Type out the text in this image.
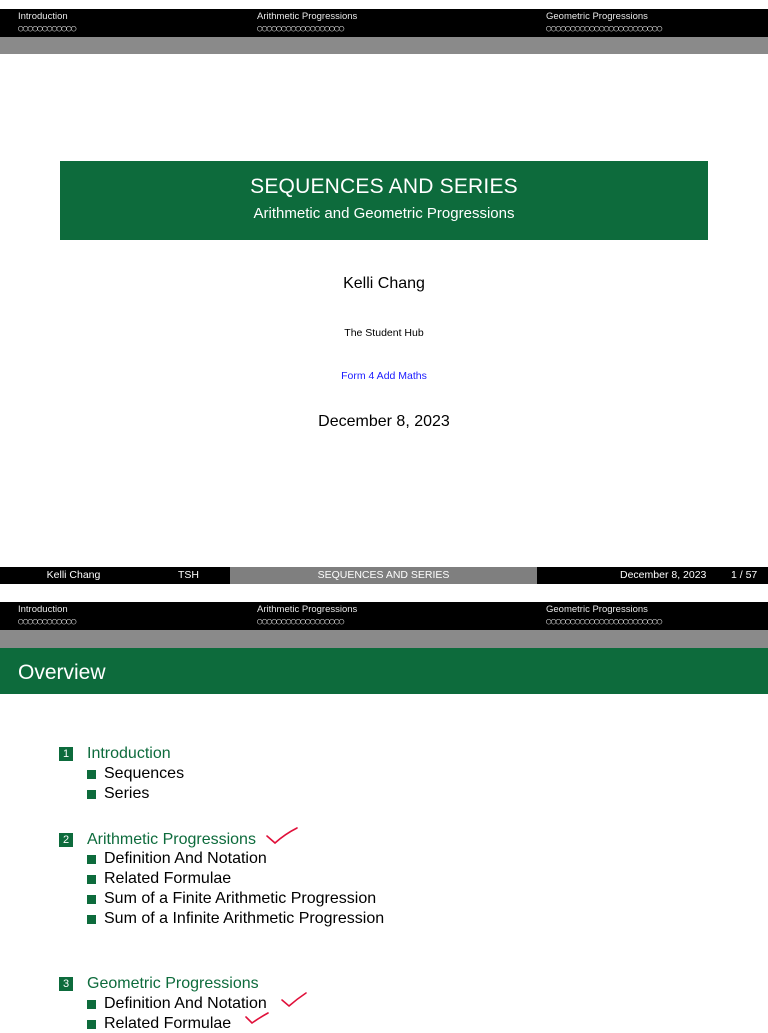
Introduction
○○○○○○○○○○○○
Arithmetic Progressions
○○○○○○○○○○○○○○○○○○
Geometric Progressions
○○○○○○○○○○○○○○○○○○○○○○○○
SEQUENCES AND SERIES
Arithmetic and Geometric Progressions
Kelli Chang
The Student Hub
Form 4 Add Maths
December 8, 2023
Kelli Chang	TSH	SEQUENCES AND SERIES	December 8, 2023 1 / 57
Introduction
○○○○○○○○○○○○
Arithmetic Progressions
○○○○○○○○○○○○○○○○○○
Geometric Progressions
○○○○○○○○○○○○○○○○○○○○○○○○
Overview
1 Introduction
Sequences
Series
2 Arithmetic Progressions
Definition And Notation
Related Formulae
Sum of a Finite Arithmetic Progression
Sum of a Infinite Arithmetic Progression
3 Geometric Progressions
Definition And Notation
Related Formulae
